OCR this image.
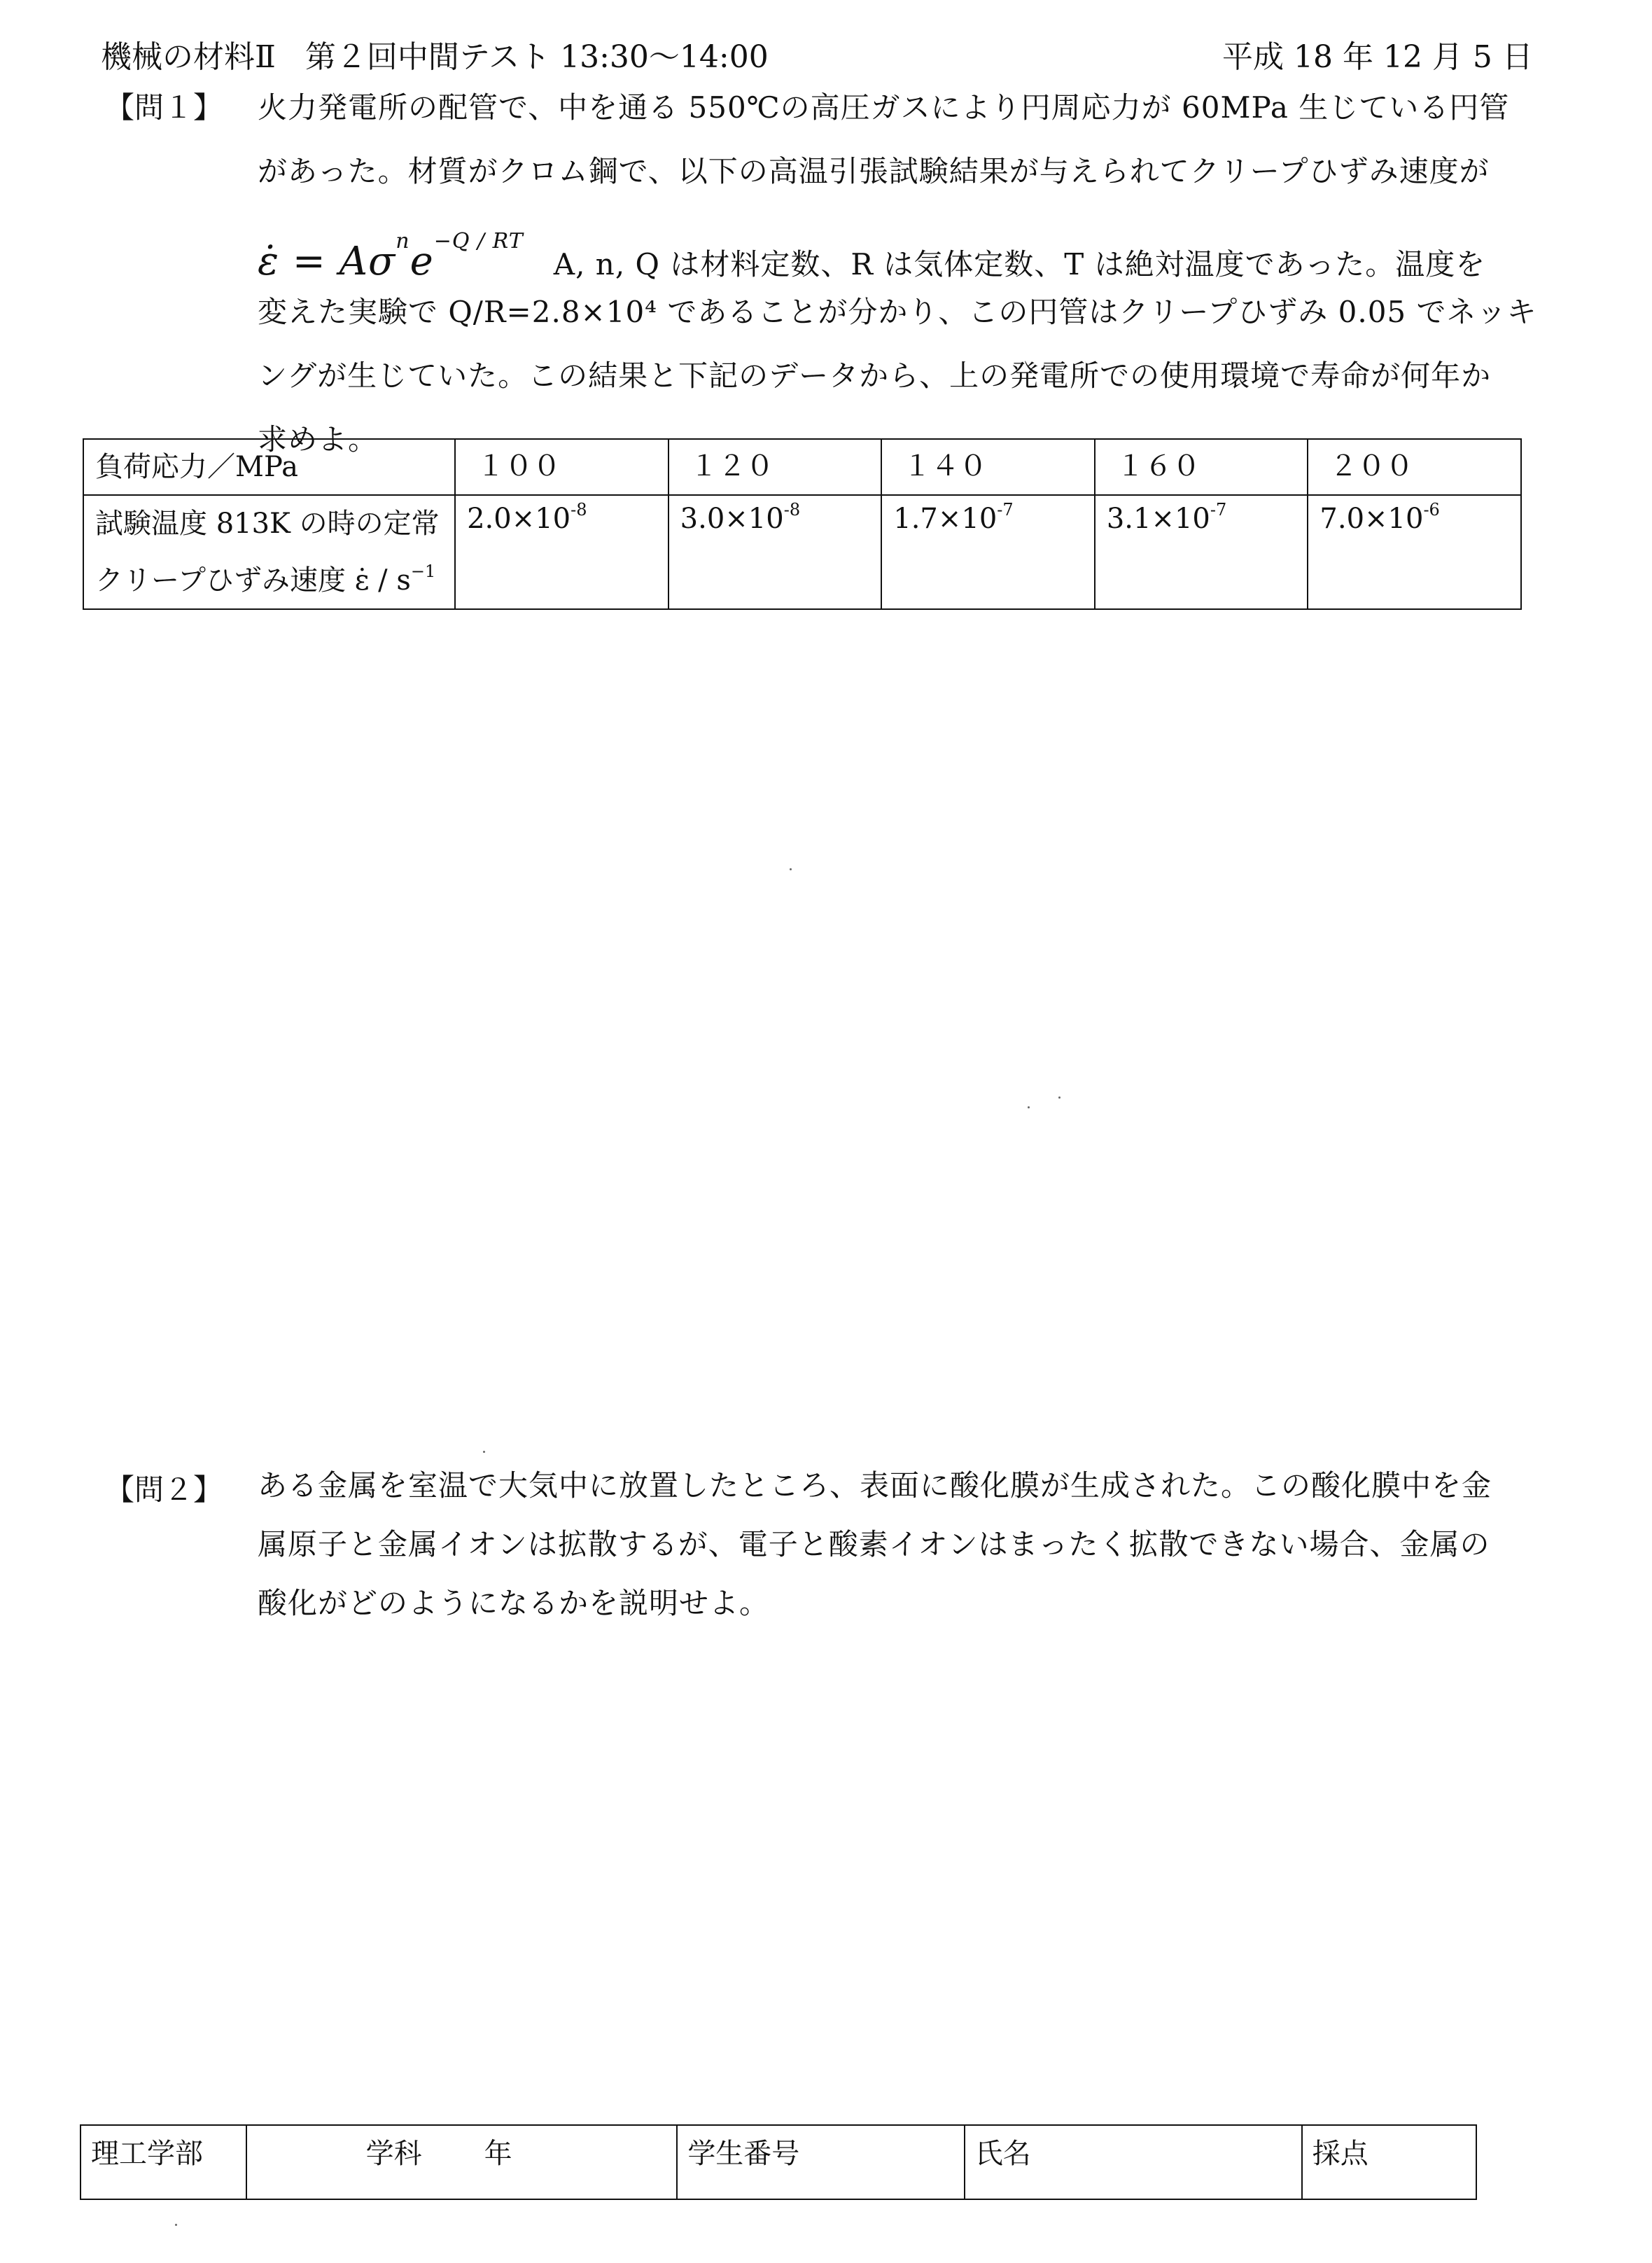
機械の材料Ⅱ 第２回中間テスト 13:30～14:00	平成 18 年 12 月 5 日
【問１】 火力発電所の配管で、中を通る 550℃の高圧ガスにより円周応力が 60MPa 生じている円管

があった。材質がクロム鋼で、以下の高温引張試験結果が与えられてクリープひずみ速度が

ε̇ = $A\sigma^ne^{-Q / RT}$   A, n, Q は材料定数、R は気体定数、T は絶対温度であった。温度を

変えた実験で Q/R=2.8×10⁴ であることが分かり、この円管はクリープひずみ 0.05 でネッキ

ングが生じていた。この結果と下記のデータから、上の発電所での使用環境で寿命が何年か

求めよ。

負荷応力／MPa	１００	１２０	１４０	１６０	２００

試験温度 813K の時の定常
クリープひずみ速度 ε̇ / $s^{-1}$	$2.0\times 10^{-8}$	$3.0\times 10^{-8}$	$1.7\times 10^{-7}$	$3.1\times 10^{-7}$	$7.0\times 10^{-6}$
【問２】 ある金属を室温で大気中に放置したところ、表面に酸化膜が生成された。この酸化膜中を金

属原子と金属イオンは拡散するが、電子と酸素イオンはまったく拡散できない場合、金属の

酸化がどのようになるかを説明せよ。

理工学部	学科 年	学生番号	氏名	採点
